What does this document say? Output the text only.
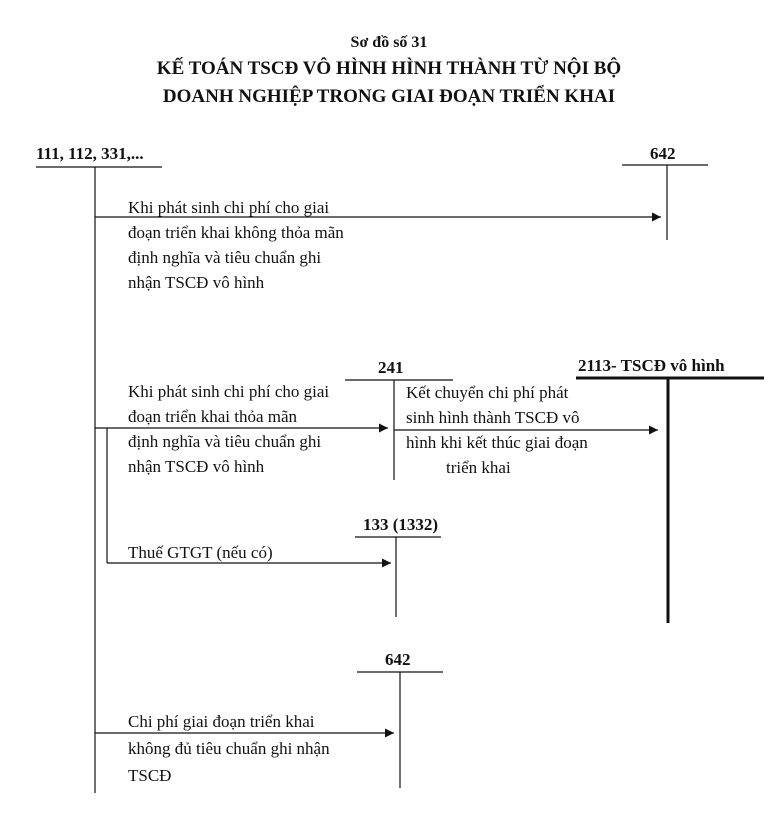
Sơ đồ số 31
KẾ TOÁN TSCĐ VÔ HÌNH HÌNH THÀNH TỪ NỘI BỘ
DOANH NGHIỆP TRONG GIAI ĐOẠN TRIỂN KHAI
111, 112, 331,...	642
241	2113- TSCĐ vô hình
133 (1332)
642
Khi phát sinh chi phí cho giai
đoạn triển khai không thỏa mãn
định nghĩa và tiêu chuẩn ghi
nhận TSCĐ vô hình
Khi phát sinh chi phí cho giai
đoạn triển khai thỏa mãn
định nghĩa và tiêu chuẩn ghi
nhận TSCĐ vô hình
Kết chuyển chi phí phát
sinh hình thành TSCĐ vô
hình khi kết thúc giai đoạn
triển khai
Thuế GTGT (nếu có)
Chi phí giai đoạn triển khai
không đủ tiêu chuẩn ghi nhận
TSCĐ
